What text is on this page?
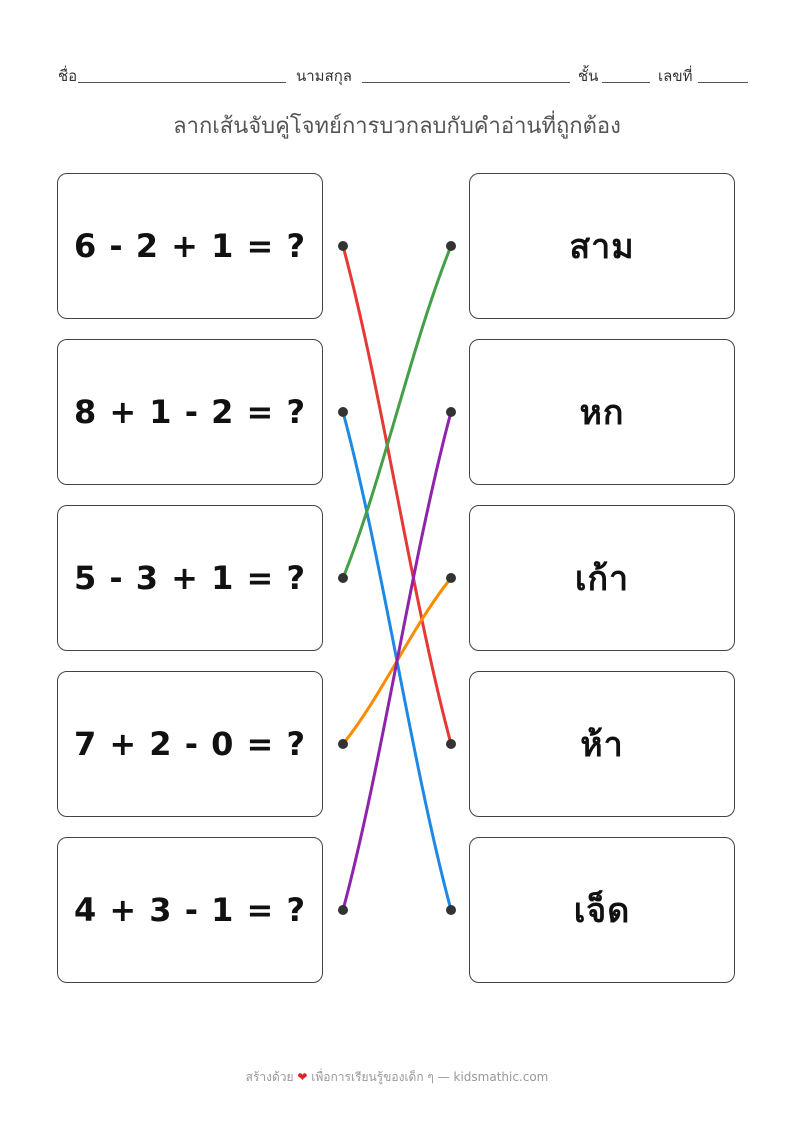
ชื่อ	นามสกุล	ชั้น	เลขที่
ลากเส้นจับคู่โจทย์การบวกลบกับคำอ่านที่ถูกต้อง
6 - 2 + 1 = ?
8 + 1 - 2 = ?
5 - 3 + 1 = ?
7 + 2 - 0 = ?
4 + 3 - 1 = ?
สาม
หก
เก้า
ห้า
เจ็ด
สร้างด้วย ❤ เพื่อการเรียนรู้ของเด็ก ๆ — kidsmathic.com
